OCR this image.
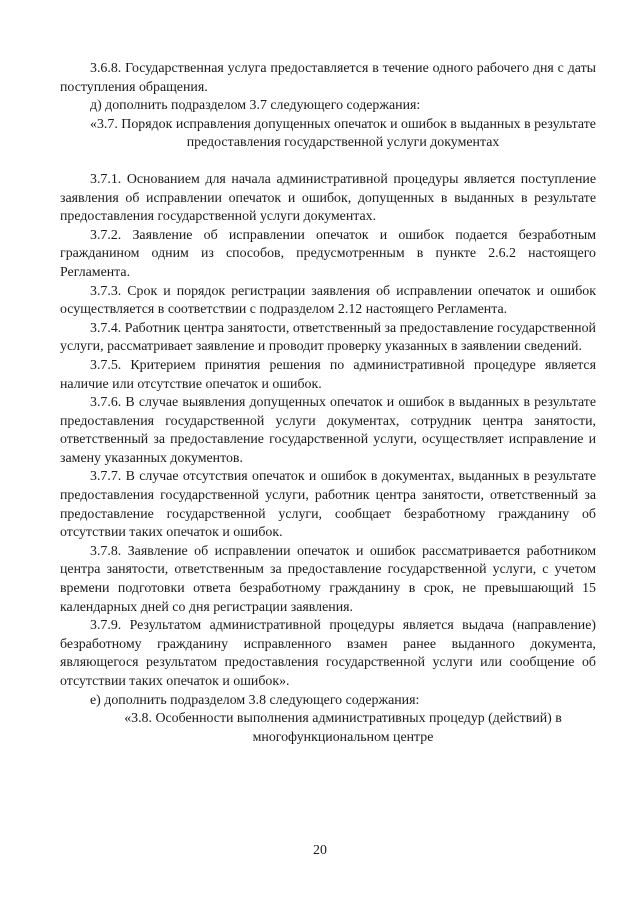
3.6.8. Государственная услуга предоставляется в течение одного рабочего дня с даты поступления обращения.

д) дополнить подразделом 3.7 следующего содержания:

«3.7. Порядок исправления допущенных опечаток и ошибок в выданных в результате предоставления государственной услуги документах

3.7.1. Основанием для начала административной процедуры является поступление заявления об исправлении опечаток и ошибок, допущенных в выданных в результате предоставления государственной услуги документах.

3.7.2. Заявление об исправлении опечаток и ошибок подается безработным гражданином одним из способов, предусмотренным в пункте 2.6.2 настоящего Регламента.

3.7.3. Срок и порядок регистрации заявления об исправлении опечаток и ошибок осуществляется в соответствии с подразделом 2.12 настоящего Регламента.

3.7.4. Работник центра занятости, ответственный за предоставление государственной услуги, рассматривает заявление и проводит проверку указанных в заявлении сведений.

3.7.5. Критерием принятия решения по административной процедуре является наличие или отсутствие опечаток и ошибок.

3.7.6. В случае выявления допущенных опечаток и ошибок в выданных в результате предоставления государственной услуги документах, сотрудник центра занятости, ответственный за предоставление государственной услуги, осуществляет исправление и замену указанных документов.

3.7.7. В случае отсутствия опечаток и ошибок в документах, выданных в результате предоставления государственной услуги, работник центра занятости, ответственный за предоставление государственной услуги, сообщает безработному гражданину об отсутствии таких опечаток и ошибок.

3.7.8. Заявление об исправлении опечаток и ошибок рассматривается работником центра занятости, ответственным за предоставление государственной услуги, с учетом времени подготовки ответа безработному гражданину в срок, не превышающий 15 календарных дней со дня регистрации заявления.

3.7.9. Результатом административной процедуры является выдача (направление) безработному гражданину исправленного взамен ранее выданного документа, являющегося результатом предоставления государственной услуги или сообщение об отсутствии таких опечаток и ошибок».

е) дополнить подразделом 3.8 следующего содержания:

«3.8. Особенности выполнения административных процедур (действий) в многофункциональном центре

20
